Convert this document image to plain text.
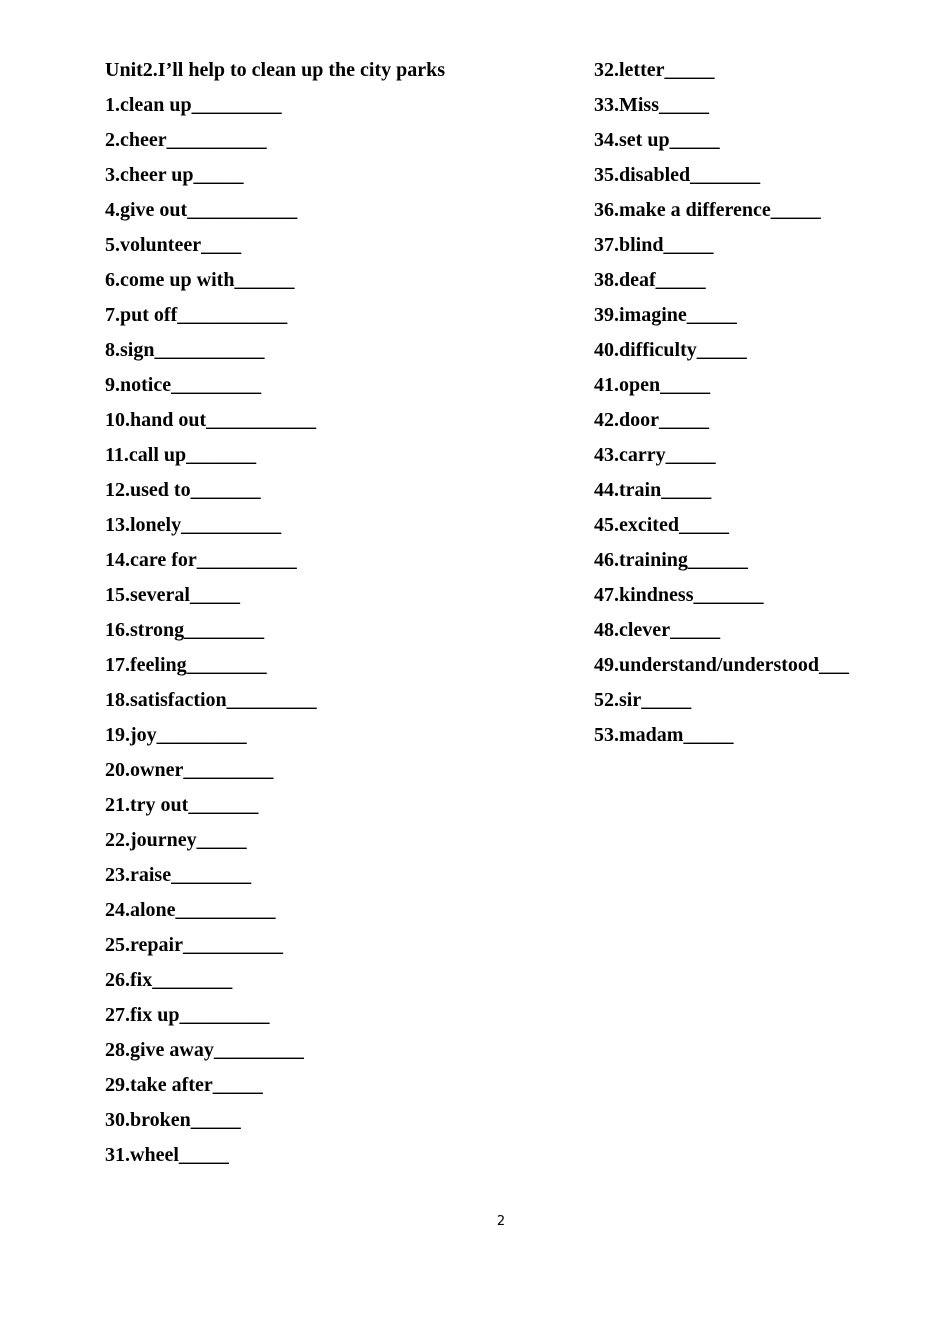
Unit2.I’ll help to clean up the city parks
1.clean up_________
2.cheer__________
3.cheer up_____
4.give out___________
5.volunteer____
6.come up with______
7.put off___________
8.sign___________
9.notice_________
10.hand out___________
11.call up_______
12.used to_______
13.lonely__________
14.care for__________
15.several_____
16.strong________
17.feeling________
18.satisfaction_________
19.joy_________
20.owner_________
21.try out_______
22.journey_____
23.raise________
24.alone__________
25.repair__________
26.fix________
27.fix up_________
28.give away_________
29.take after_____
30.broken_____
31.wheel_____
32.letter_____
33.Miss_____
34.set up_____
35.disabled_______
36.make a difference_____
37.blind_____
38.deaf_____
39.imagine_____
40.difficulty_____
41.open_____
42.door_____
43.carry_____
44.train_____
45.excited_____
46.training______
47.kindness_______
48.clever_____
49.understand/understood___
52.sir_____
53.madam_____
2
